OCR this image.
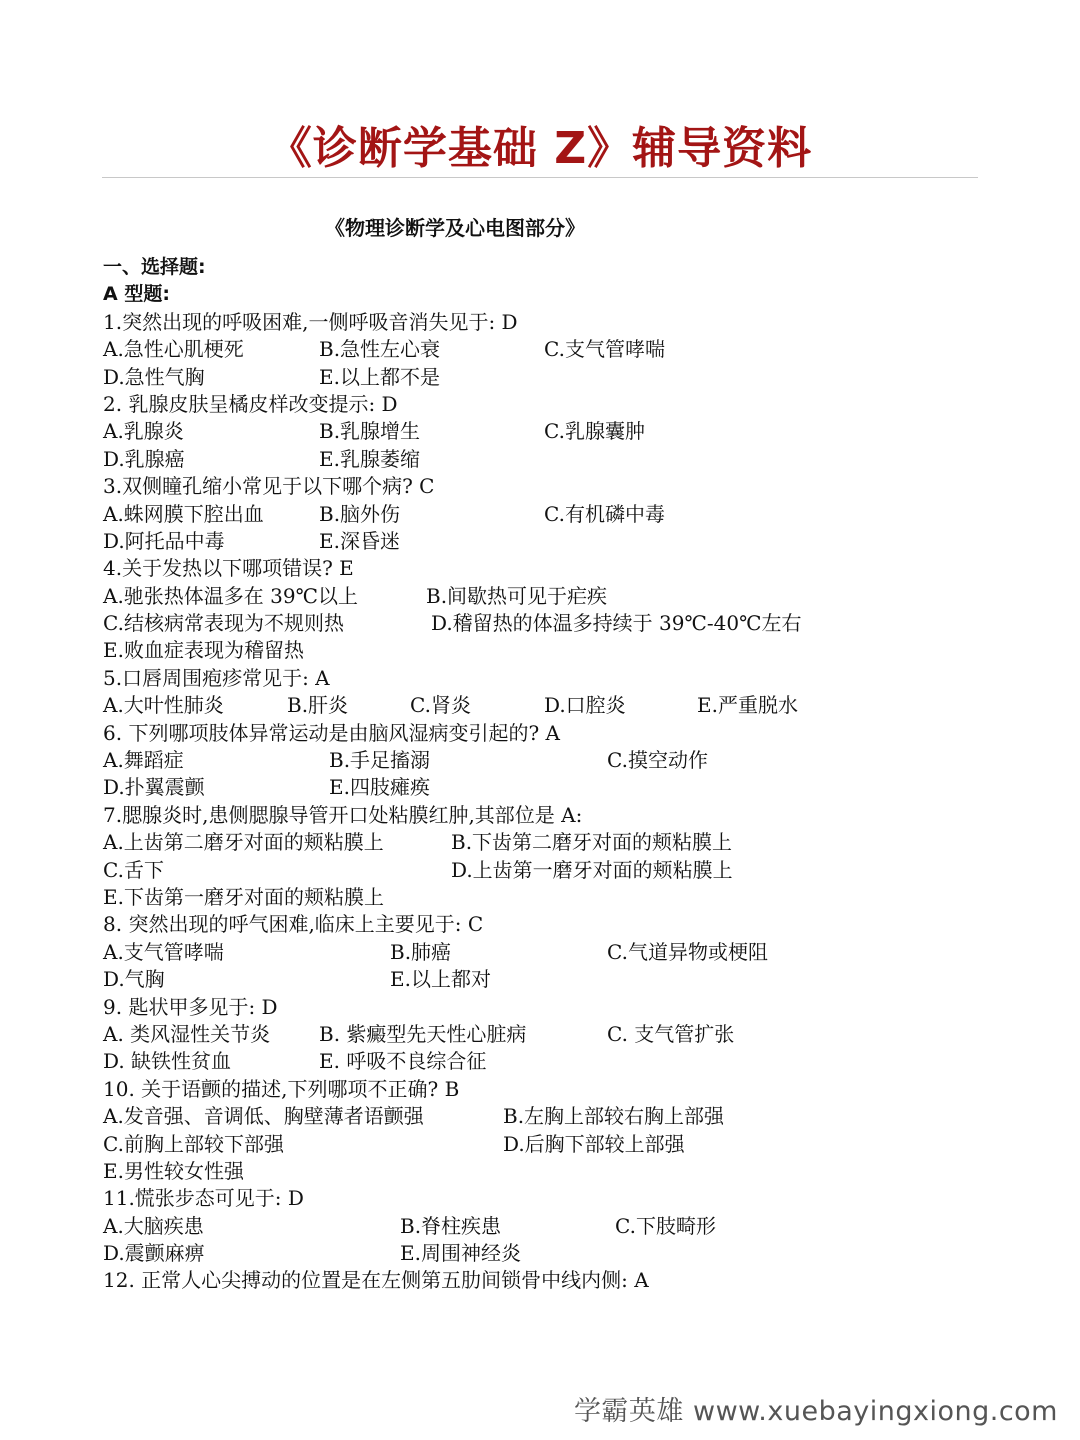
《诊断学基础 Z》辅导资料
《物理诊断学及心电图部分》
一、选择题:
A 型题:
1.突然出现的呼吸困难,一侧呼吸音消失见于: D
A.急性心肌梗死	B.急性左心衰	C.支气管哮喘
D.急性气胸	E.以上都不是
2. 乳腺皮肤呈橘皮样改变提示: D
A.乳腺炎	B.乳腺增生	C.乳腺囊肿
D.乳腺癌	E.乳腺萎缩
3.双侧瞳孔缩小常见于以下哪个病? C
A.蛛网膜下腔出血	B.脑外伤	C.有机磷中毒
D.阿托品中毒	E.深昏迷
4.关于发热以下哪项错误? E
A.驰张热体温多在 39℃以上	B.间歇热可见于疟疾
C.结核病常表现为不规则热	D.稽留热的体温多持续于 39℃-40℃左右
E.败血症表现为稽留热
5.口唇周围疱疹常见于: A
A.大叶性肺炎	B.肝炎	C.肾炎	D.口腔炎	E.严重脱水
6. 下列哪项肢体异常运动是由脑风湿病变引起的? A
A.舞蹈症	B.手足搐溺	C.摸空动作
D.扑翼震颤	E.四肢瘫痪
7.腮腺炎时,患侧腮腺导管开口处粘膜红肿,其部位是 A:
A.上齿第二磨牙对面的颊粘膜上	B.下齿第二磨牙对面的颊粘膜上
C.舌下	D.上齿第一磨牙对面的颊粘膜上
E.下齿第一磨牙对面的颊粘膜上
8. 突然出现的呼气困难,临床上主要见于: C
A.支气管哮喘	B.肺癌	C.气道异物或梗阻
D.气胸	E.以上都对
9. 匙状甲多见于: D
A. 类风湿性关节炎 B. 紫癜型先天性心脏病	C. 支气管扩张
D. 缺铁性贫血	E. 呼吸不良综合征
10. 关于语颤的描述,下列哪项不正确? B
A.发音强、音调低、胸壁薄者语颤强	B.左胸上部较右胸上部强
C.前胸上部较下部强	D.后胸下部较上部强
E.男性较女性强
11.慌张步态可见于: D
A.大脑疾患	B.脊柱疾患	C.下肢畸形
D.震颤麻痹	E.周围神经炎
12. 正常人心尖搏动的位置是在左侧第五肋间锁骨中线内侧: A
学霸英雄 www.xuebayingxiong.com
